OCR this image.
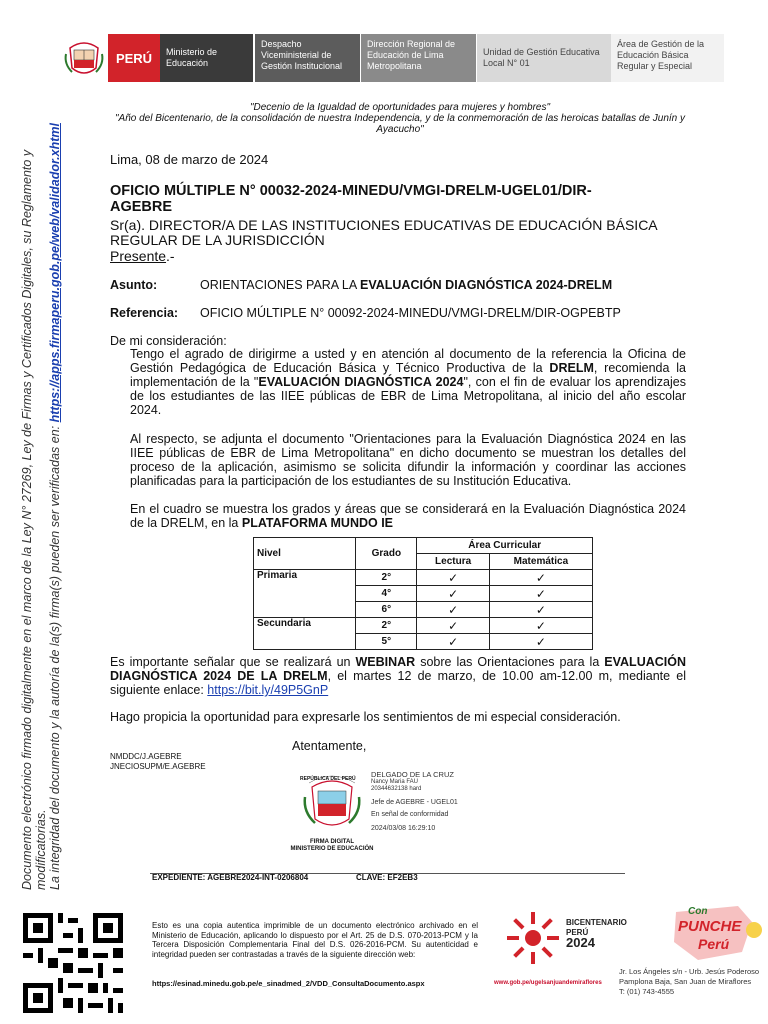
PERÚ	Ministerio de Educación
Despacho Viceministerial de Gestión Institucional
Dirección Regional de Educación de Lima Metropolitana
Unidad de Gestión Educativa Local N° 01
Área de Gestión de la Educación Básica Regular y Especial
"Decenio de la Igualdad de oportunidades para mujeres y hombres"
"Año del Bicentenario, de la consolidación de nuestra Independencia, y de la conmemoración de las heroicas batallas de Junín y Ayacucho"
Documento electrónico firmado digitalmente en el marco de la Ley N° 27269, Ley de Firmas y Certificados Digitales, su Reglamento y modificatorias. La integridad del documento y la autoría de la(s) firma(s) pueden ser verificadas en: https://apps.firmaperu.gob.pe/web/validador.xhtml	Lima, 08 de marzo de 2024
OFICIO MÚLTIPLE N° 00032-2024-MINEDU/VMGI-DRELM-UGEL01/DIR-AGEBRE
Sr(a). DIRECTOR/A DE LAS INSTITUCIONES EDUCATIVAS DE EDUCACIÓN BÁSICA REGULAR DE LA JURISDICCIÓN
Presente.-
Asunto:	ORIENTACIONES PARA LA EVALUACIÓN DIAGNÓSTICA 2024-DRELM
Referencia: OFICIO MÚLTIPLE N° 00092-2024-MINEDU/VMGI-DRELM/DIR-OGPEBTP
De mi consideración:
Tengo el agrado de dirigirme a usted y en atención al documento de la referencia la Oficina de Gestión Pedagógica de Educación Básica y Técnico Productiva de la DRELM, recomienda la implementación de la "EVALUACIÓN DIAGNÓSTICA 2024", con el fin de evaluar los aprendizajes de los estudiantes de las IIEE públicas de EBR de Lima Metropolitana, al inicio del año escolar 2024.
Al respecto, se adjunta el documento "Orientaciones para la Evaluación Diagnóstica 2024 en las IIEE públicas de EBR de Lima Metropolitana" en dicho documento se muestran los detalles del proceso de la aplicación, asimismo se solicita difundir la información y coordinar las acciones planificadas para la participación de los estudiantes de su Institución Educativa.
En el cuadro se muestra los grados y áreas que se considerará en la Evaluación Diagnóstica 2024 de la DRELM, en la PLATAFORMA MUNDO IE
Nivel	Grado	Área Curricular	
		Lectura	Matemática
Primaria	2°	✓	✓
	4°	✓	✓
	6°	✓	✓
Secundaria	2°	✓	✓
	5°	✓	✓
Es importante señalar que se realizará un WEBINAR sobre las Orientaciones para la EVALUACIÓN DIAGNÓSTICA 2024 DE LA DRELM, el martes 12 de marzo, de 10.00 am-12.00 m, mediante el siguiente enlace: https://bit.ly/49P5GnP
Hago propicia la oportunidad para expresarle los sentimientos de mi especial consideración.
Atentamente,
NMDDC/J.AGEBRE
JNECIOSUPM/E.AGEBRE
REPÚBLICA DEL PERÚ
FIRMA DIGITAL
MINISTERIO DE EDUCACIÓN
DELGADO DE LA CRUZ
Nancy Maria FAU
20344632138 hard
Jefe de AGEBRE - UGEL01
En señal de conformidad
2024/03/08 16:29:10
EXPEDIENTE: AGEBRE2024-INT-0206804	CLAVE: EF2EB3
Esto es una copia autentica imprimible de un documento electrónico archivado en el Ministerio de Educación, aplicando lo dispuesto por el Art. 25 de D.S. 070-2013-PCM y la Tercera Disposición Complementaria Final del D.S. 026-2016-PCM. Su autenticidad e integridad pueden ser contrastadas a través de la siguiente dirección web:
https://esinad.minedu.gob.pe/e_sinadmed_2/VDD_ConsultaDocumento.aspx	www.gob.pe/ugelsanjuandemiraflores
BICENTENARIO
PERÚ
2024
Con
PUNCHE
Perú
Jr. Los Ángeles s/n - Urb. Jesús Poderoso
Pamplona Baja, San Juan de Miraflores
T: (01) 743-4555
